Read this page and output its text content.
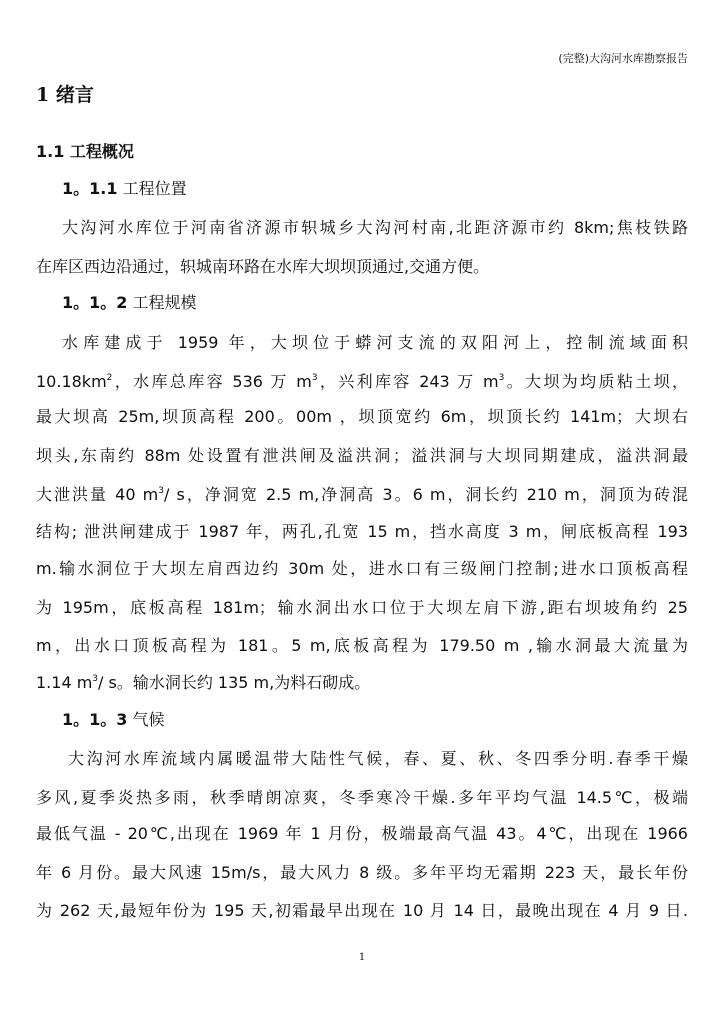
(完整)大沟河水库勘察报告
1 绪言
1.1 工程概况
1。1.1 工程位置
大沟河水库位于河南省济源市轵城乡大沟河村南,北距济源市约 8km;焦枝铁路
在库区西边沿通过，轵城南环路在水库大坝坝顶通过,交通方便。
1。1。2 工程规模
水库建成于 1959 年，大坝位于蟒河支流的双阳河上，控制流域面积
$10.18km^2$，水库总库容 536 万 $m^3$，兴利库容 243 万 $m^3$。大坝为均质粘土坝，
最大坝高 25m,坝顶高程 200。00m ，坝顶宽约 6m，坝顶长约 141m；大坝右
坝头,东南约 88m 处设置有泄洪闸及溢洪洞；溢洪洞与大坝同期建成，溢洪洞最
大泄洪量 40 $m^3/$ s，净洞宽 2.5 m,净洞高 3。6 m，洞长约 210 m，洞顶为砖混
结构; 泄洪闸建成于 1987 年，两孔,孔宽 15 m，挡水高度 3 m，闸底板高程 193
m.输水洞位于大坝左肩西边约 30m 处，进水口有三级闸门控制;进水口顶板高程
为 195m，底板高程 181m；输水洞出水口位于大坝左肩下游,距右坝坡角约 25
m，出水口顶板高程为 181。5 m,底板高程为 179.50 m ,输水洞最大流量为
1.14 $m^3/$ s。输水洞长约 135 m,为料石砌成。
1。1。3 气候
大沟河水库流域内属暖温带大陆性气候，春、夏、秋、冬四季分明.春季干燥
多风,夏季炎热多雨，秋季晴朗凉爽，冬季寒冷干燥.多年平均气温 14.5℃，极端
最低气温 - 20℃,出现在 1969 年 1 月份，极端最高气温 43。4℃，出现在 1966
年 6 月份。最大风速 15m/s，最大风力 8 级。多年平均无霜期 223 天，最长年份
为 262 天,最短年份为 195 天,初霜最早出现在 10 月 14 日，最晚出现在 4 月 9 日.
1
